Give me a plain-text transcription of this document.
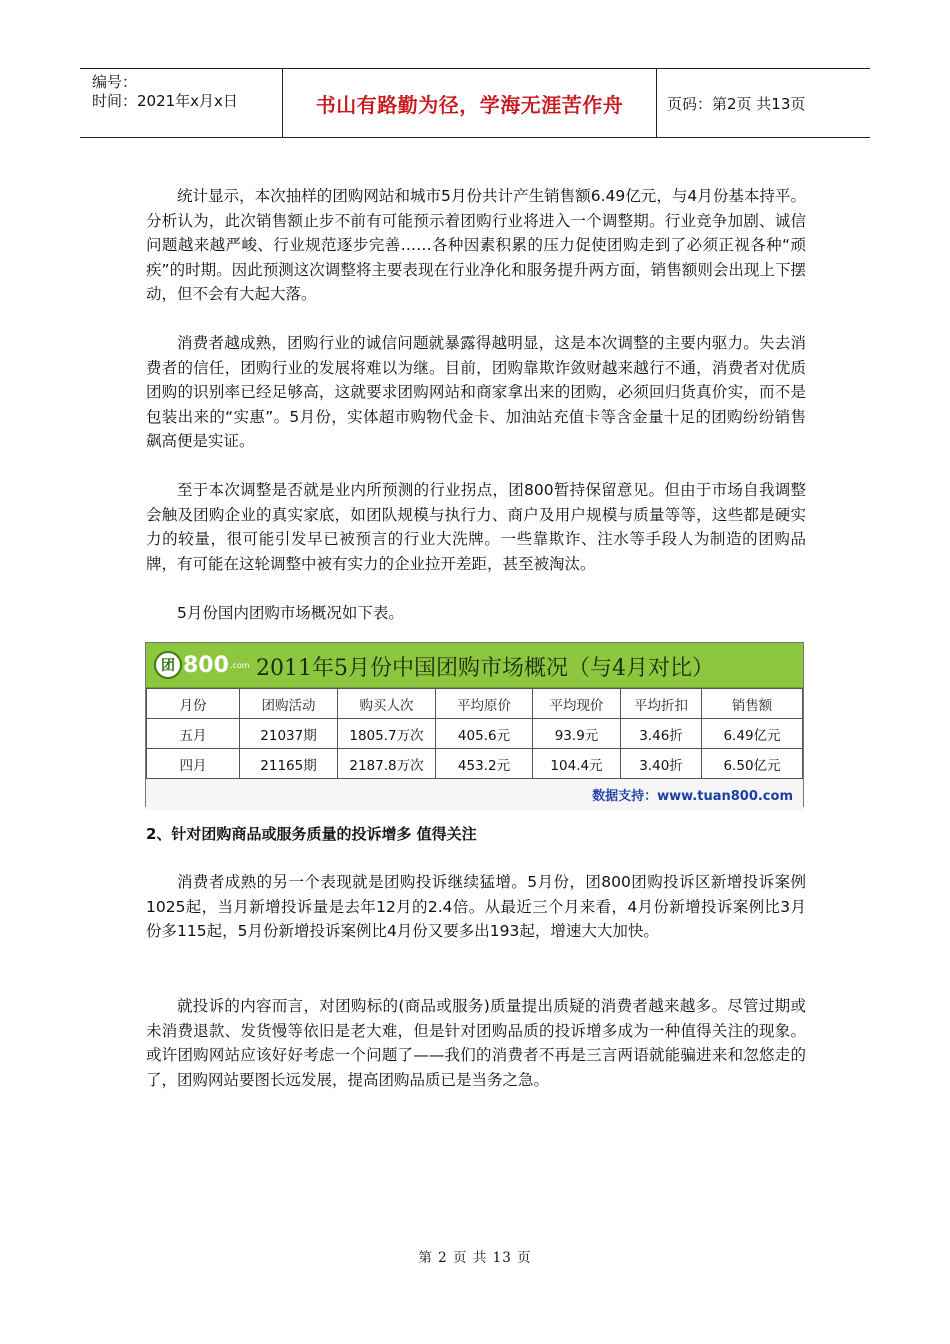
编号：
时间：2021年x月x日	书山有路勤为径，学海无涯苦作舟	页码：第2页 共13页

统计显示，本次抽样的团购网站和城市5月份共计产生销售额6.49亿元，与4月份基本持平。分析认为，此次销售额止步不前有可能预示着团购行业将进入一个调整期。行业竞争加剧、诚信问题越来越严峻、行业规范逐步完善……各种因素积累的压力促使团购走到了必须正视各种“顽疾”的时期。因此预测这次调整将主要表现在行业净化和服务提升两方面，销售额则会出现上下摆动，但不会有大起大落。

消费者越成熟，团购行业的诚信问题就暴露得越明显，这是本次调整的主要内驱力。失去消费者的信任，团购行业的发展将难以为继。目前，团购靠欺诈敛财越来越行不通，消费者对优质团购的识别率已经足够高，这就要求团购网站和商家拿出来的团购，必须回归货真价实，而不是包装出来的“实惠”。5月份，实体超市购物代金卡、加油站充值卡等含金量十足的团购纷纷销售飙高便是实证。

至于本次调整是否就是业内所预测的行业拐点，团800暂持保留意见。但由于市场自我调整会触及团购企业的真实家底，如团队规模与执行力、商户及用户规模与质量等等，这些都是硬实力的较量，很可能引发早已被预言的行业大洗牌。一些靠欺诈、注水等手段人为制造的团购品牌，有可能在这轮调整中被有实力的企业拉开差距，甚至被淘汰。

5月份国内团购市场概况如下表。

团 800 .com 2011年5月份中国团购市场概况（与4月对比）
月份	团购活动	购买人次	平均原价	平均现价	平均折扣	销售额
五月	21037期	1805.7万次	405.6元	93.9元	3.46折	6.49亿元
四月	21165期	2187.8万次	453.2元	104.4元	3.40折	6.50亿元
数据支持：www.tuan800.com

2、针对团购商品或服务质量的投诉增多 值得关注

消费者成熟的另一个表现就是团购投诉继续猛增。5月份，团800团购投诉区新增投诉案例1025起，当月新增投诉量是去年12月的2.4倍。从最近三个月来看，4月份新增投诉案例比3月份多115起，5月份新增投诉案例比4月份又要多出193起，增速大大加快。

就投诉的内容而言，对团购标的(商品或服务)质量提出质疑的消费者越来越多。尽管过期或未消费退款、发货慢等依旧是老大难，但是针对团购品质的投诉增多成为一种值得关注的现象。或许团购网站应该好好考虑一个问题了——我们的消费者不再是三言两语就能骗进来和忽悠走的了，团购网站要图长远发展，提高团购品质已是当务之急。

第 2 页 共 13 页
